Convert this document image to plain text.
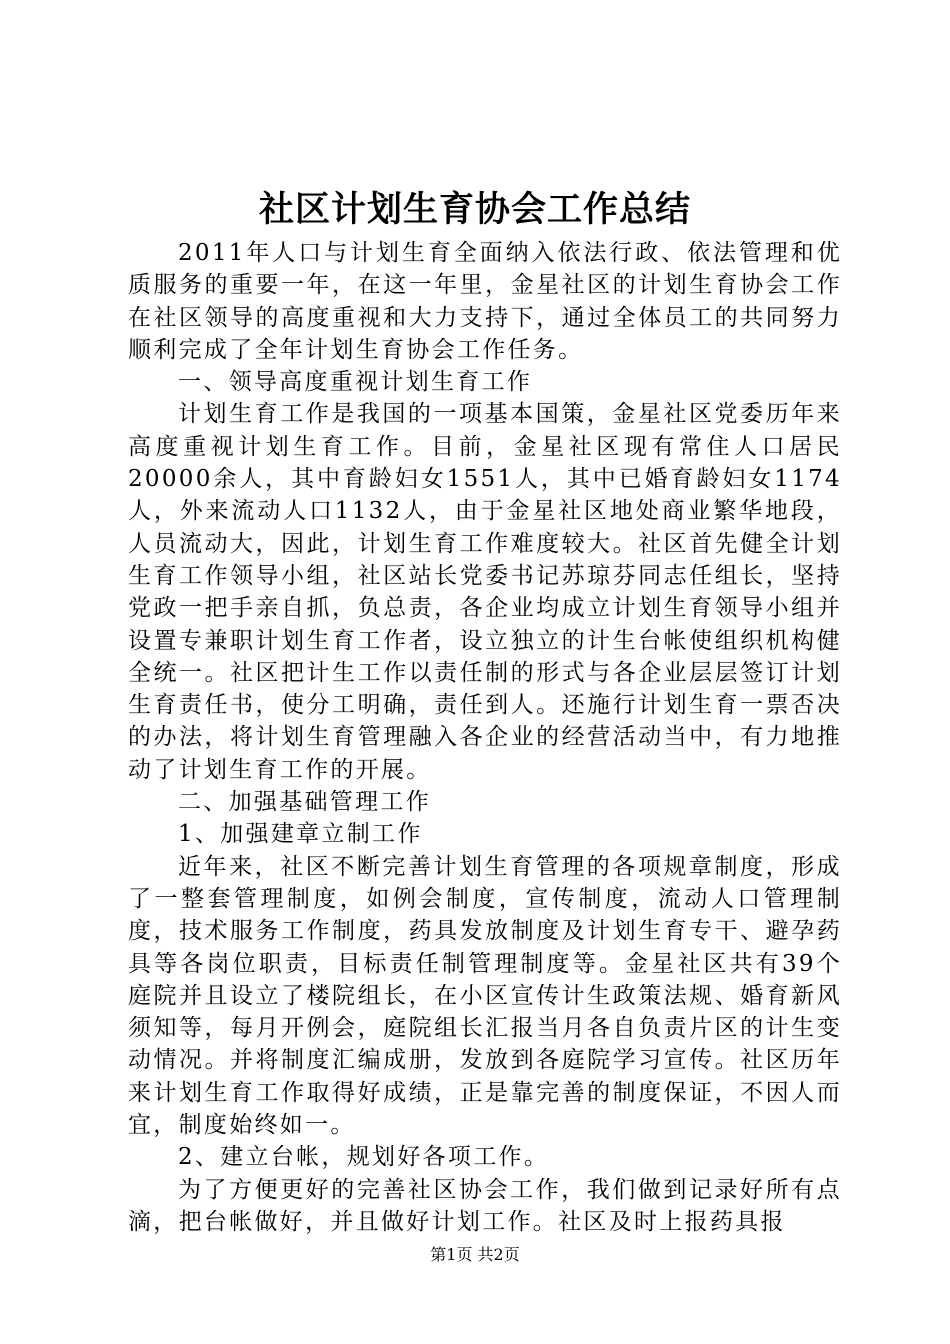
社区计划生育协会工作总结

2011年人口与计划生育全面纳入依法行政、依法管理和优质服务的重要一年，在这一年里，金星社区的计划生育协会工作在社区领导的高度重视和大力支持下，通过全体员工的共同努力顺利完成了全年计划生育协会工作任务。

一、领导高度重视计划生育工作

计划生育工作是我国的一项基本国策，金星社区党委历年来高度重视计划生育工作。目前，金星社区现有常住人口居民20000余人，其中育龄妇女1551人，其中已婚育龄妇女1174人，外来流动人口1132人，由于金星社区地处商业繁华地段，人员流动大，因此，计划生育工作难度较大。社区首先健全计划生育工作领导小组，社区站长党委书记苏琼芬同志任组长，坚持党政一把手亲自抓，负总责，各企业均成立计划生育领导小组并设置专兼职计划生育工作者，设立独立的计生台帐使组织机构健全统一。社区把计生工作以责任制的形式与各企业层层签订计划生育责任书，使分工明确，责任到人。还施行计划生育一票否决的办法，将计划生育管理融入各企业的经营活动当中，有力地推动了计划生育工作的开展。

二、加强基础管理工作

1、加强建章立制工作

近年来，社区不断完善计划生育管理的各项规章制度，形成了一整套管理制度，如例会制度，宣传制度，流动人口管理制度，技术服务工作制度，药具发放制度及计划生育专干、避孕药具等各岗位职责，目标责任制管理制度等。金星社区共有39个庭院并且设立了楼院组长，在小区宣传计生政策法规、婚育新风须知等，每月开例会，庭院组长汇报当月各自负责片区的计生变动情况。并将制度汇编成册，发放到各庭院学习宣传。社区历年来计划生育工作取得好成绩，正是靠完善的制度保证，不因人而宜，制度始终如一。

2、建立台帐，规划好各项工作。

为了方便更好的完善社区协会工作，我们做到记录好所有点滴，把台帐做好，并且做好计划工作。社区及时上报药具报

第1页 共2页
